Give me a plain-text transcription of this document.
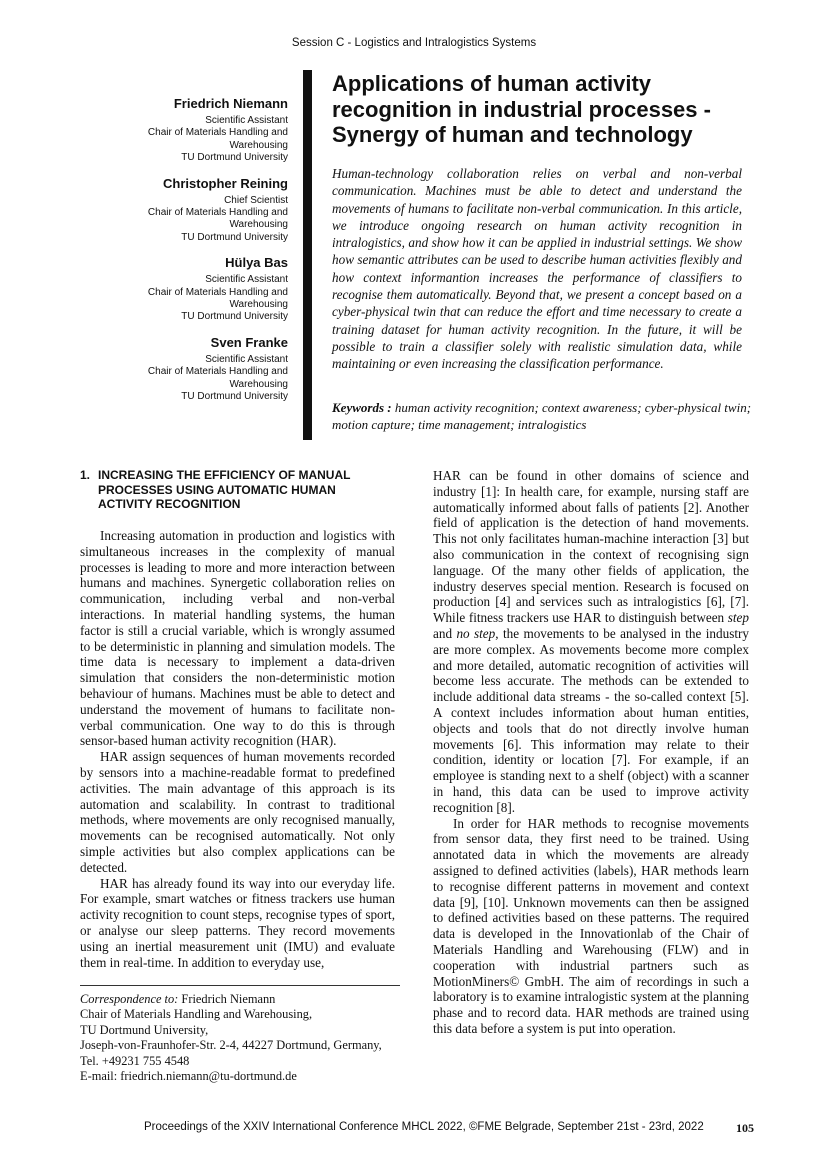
Session C - Logistics and Intralogistics Systems
Friedrich Niemann
Scientific Assistant
Chair of Materials Handling and
Warehousing
TU Dortmund University
Christopher Reining
Chief Scientist
Chair of Materials Handling and
Warehousing
TU Dortmund University
Hülya Bas
Scientific Assistant
Chair of Materials Handling and
Warehousing
TU Dortmund University
Sven Franke
Scientific Assistant
Chair of Materials Handling and
Warehousing
TU Dortmund University
Applications of human activity recognition in industrial processes - Synergy of human and technology
Human-technology collaboration relies on verbal and non-verbal communication. Machines must be able to detect and understand the movements of humans to facilitate non-verbal communication. In this article, we introduce ongoing research on human activity recognition in intralogistics, and show how it can be applied in industrial settings. We show how semantic attributes can be used to describe human activities flexibly and how context informantion increases the performance of classifiers to recognise them automatically. Beyond that, we present a concept based on a cyber-physical twin that can reduce the effort and time necessary to create a training dataset for human activity recognition. In the future, it will be possible to train a classifier solely with realistic simulation data, while maintaining or even increasing the classification performance.
Keywords : human activity recognition; context awareness; cyber-physical twin; motion capture; time management; intralogistics
1. INCREASING THE EFFICIENCY OF MANUAL PROCESSES USING AUTOMATIC HUMAN ACTIVITY RECOGNITION

Increasing automation in production and logistics with simultaneous increases in the complexity of manual processes is leading to more and more interaction between humans and machines. Synergetic collaboration relies on communication, including verbal and non-verbal interactions. In material handling systems, the human factor is still a crucial variable, which is wrongly assumed to be deterministic in planning and simulation models. The time data is necessary to implement a data-driven simulation that considers the non-deterministic motion behaviour of humans. Machines must be able to detect and understand the movement of humans to facilitate non-verbal communication. One way to do this is through sensor-based human activity recognition (HAR).

HAR assign sequences of human movements recorded by sensors into a machine-readable format to predefined activities. The main advantage of this approach is its automation and scalability. In contrast to traditional methods, where movements are only recognised manually, movements can be recognised automatically. Not only simple activities but also complex applications can be detected.

HAR has already found its way into our everyday life. For example, smart watches or fitness trackers use human activity recognition to count steps, recognise types of sport, or analyse our sleep patterns. They record movements using an inertial measurement unit (IMU) and evaluate them in real-time. In addition to everyday use,

Correspondence to: Friedrich Niemann
Chair of Materials Handling and Warehousing,
TU Dortmund University,
Joseph-von-Fraunhofer-Str. 2-4, 44227 Dortmund, Germany,
Tel. +49231 755 4548
E-mail: friedrich.niemann@tu-dortmund.de

HAR can be found in other domains of science and industry [1]: In health care, for example, nursing staff are automatically informed about falls of patients [2]. Another field of application is the detection of hand movements. This not only facilitates human-machine interaction [3] but also communication in the context of recognising sign language. Of the many other fields of application, the industry deserves special mention. Research is focused on production [4] and services such as intralogistics [6], [7]. While fitness trackers use HAR to distinguish between step and no step, the movements to be analysed in the industry are more complex. As movements become more complex and more detailed, automatic recognition of activities will become less accurate. The methods can be extended to include additional data streams - the so-called context [5]. A context includes information about human entities, objects and tools that do not directly involve human movements [6]. This information may relate to their condition, identity or location [7]. For example, if an employee is standing next to a shelf (object) with a scanner in hand, this data can be used to improve activity recognition [8].

In order for HAR methods to recognise movements from sensor data, they first need to be trained. Using annotated data in which the movements are already assigned to defined activities (labels), HAR methods learn to recognise different patterns in movement and context data [9], [10]. Unknown movements can then be assigned to defined activities based on these patterns. The required data is developed in the Innovationlab of the Chair of Materials Handling and Warehousing (FLW) and in cooperation with industrial partners such as MotionMiners© GmbH. The aim of recordings in such a laboratory is to examine intralogistic system at the planning phase and to record data. HAR methods are trained using this data before a system is put into operation.

Proceedings of the XXIV International Conference MHCL 2022, ©FME Belgrade, September 21st - 23rd, 2022	105
